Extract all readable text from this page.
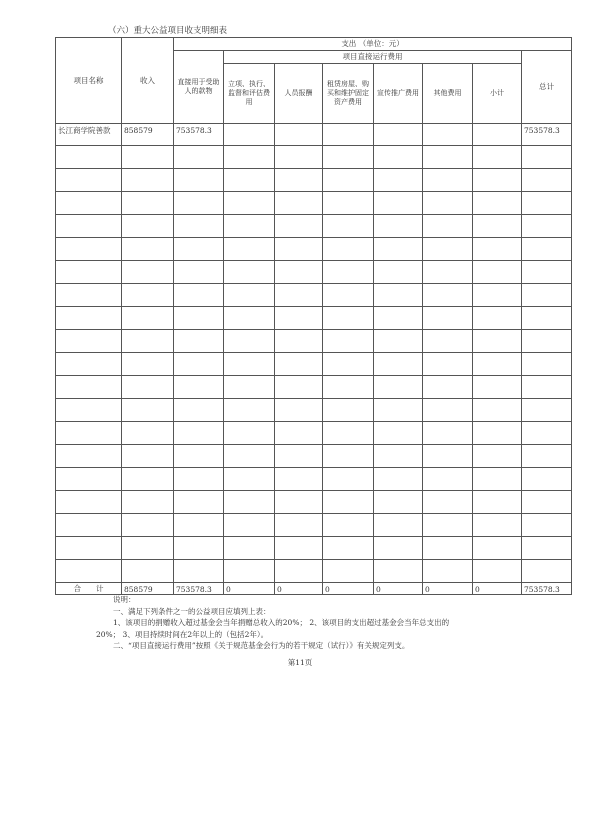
（六）重大公益项目收支明细表
项目名称	收入	支出 （单位：元）							
		直接用于受助人的款物	项目直接运行费用						总计
			立项、执行、监督和评估费用	人员报酬	租赁房屋、购买和维护固定资产费用	宣传推广费用	其他费用	小计	
长江商学院善款	858579	753578.3							753578.3

合　　计	858579	753578.3	0	0	0	0	0	0	753578.3
说明：
一、满足下列条件之一的公益项目应填列上表：
1、该项目的捐赠收入超过基金会当年捐赠总收入的20%； 2、该项目的支出超过基金会当年总支出的
20%； 3、项目持续时间在2年以上的（包括2年）。
二、“项目直接运行费用”按照《关于规范基金会行为的若干规定（试行）》有关规定列支。
第11页
